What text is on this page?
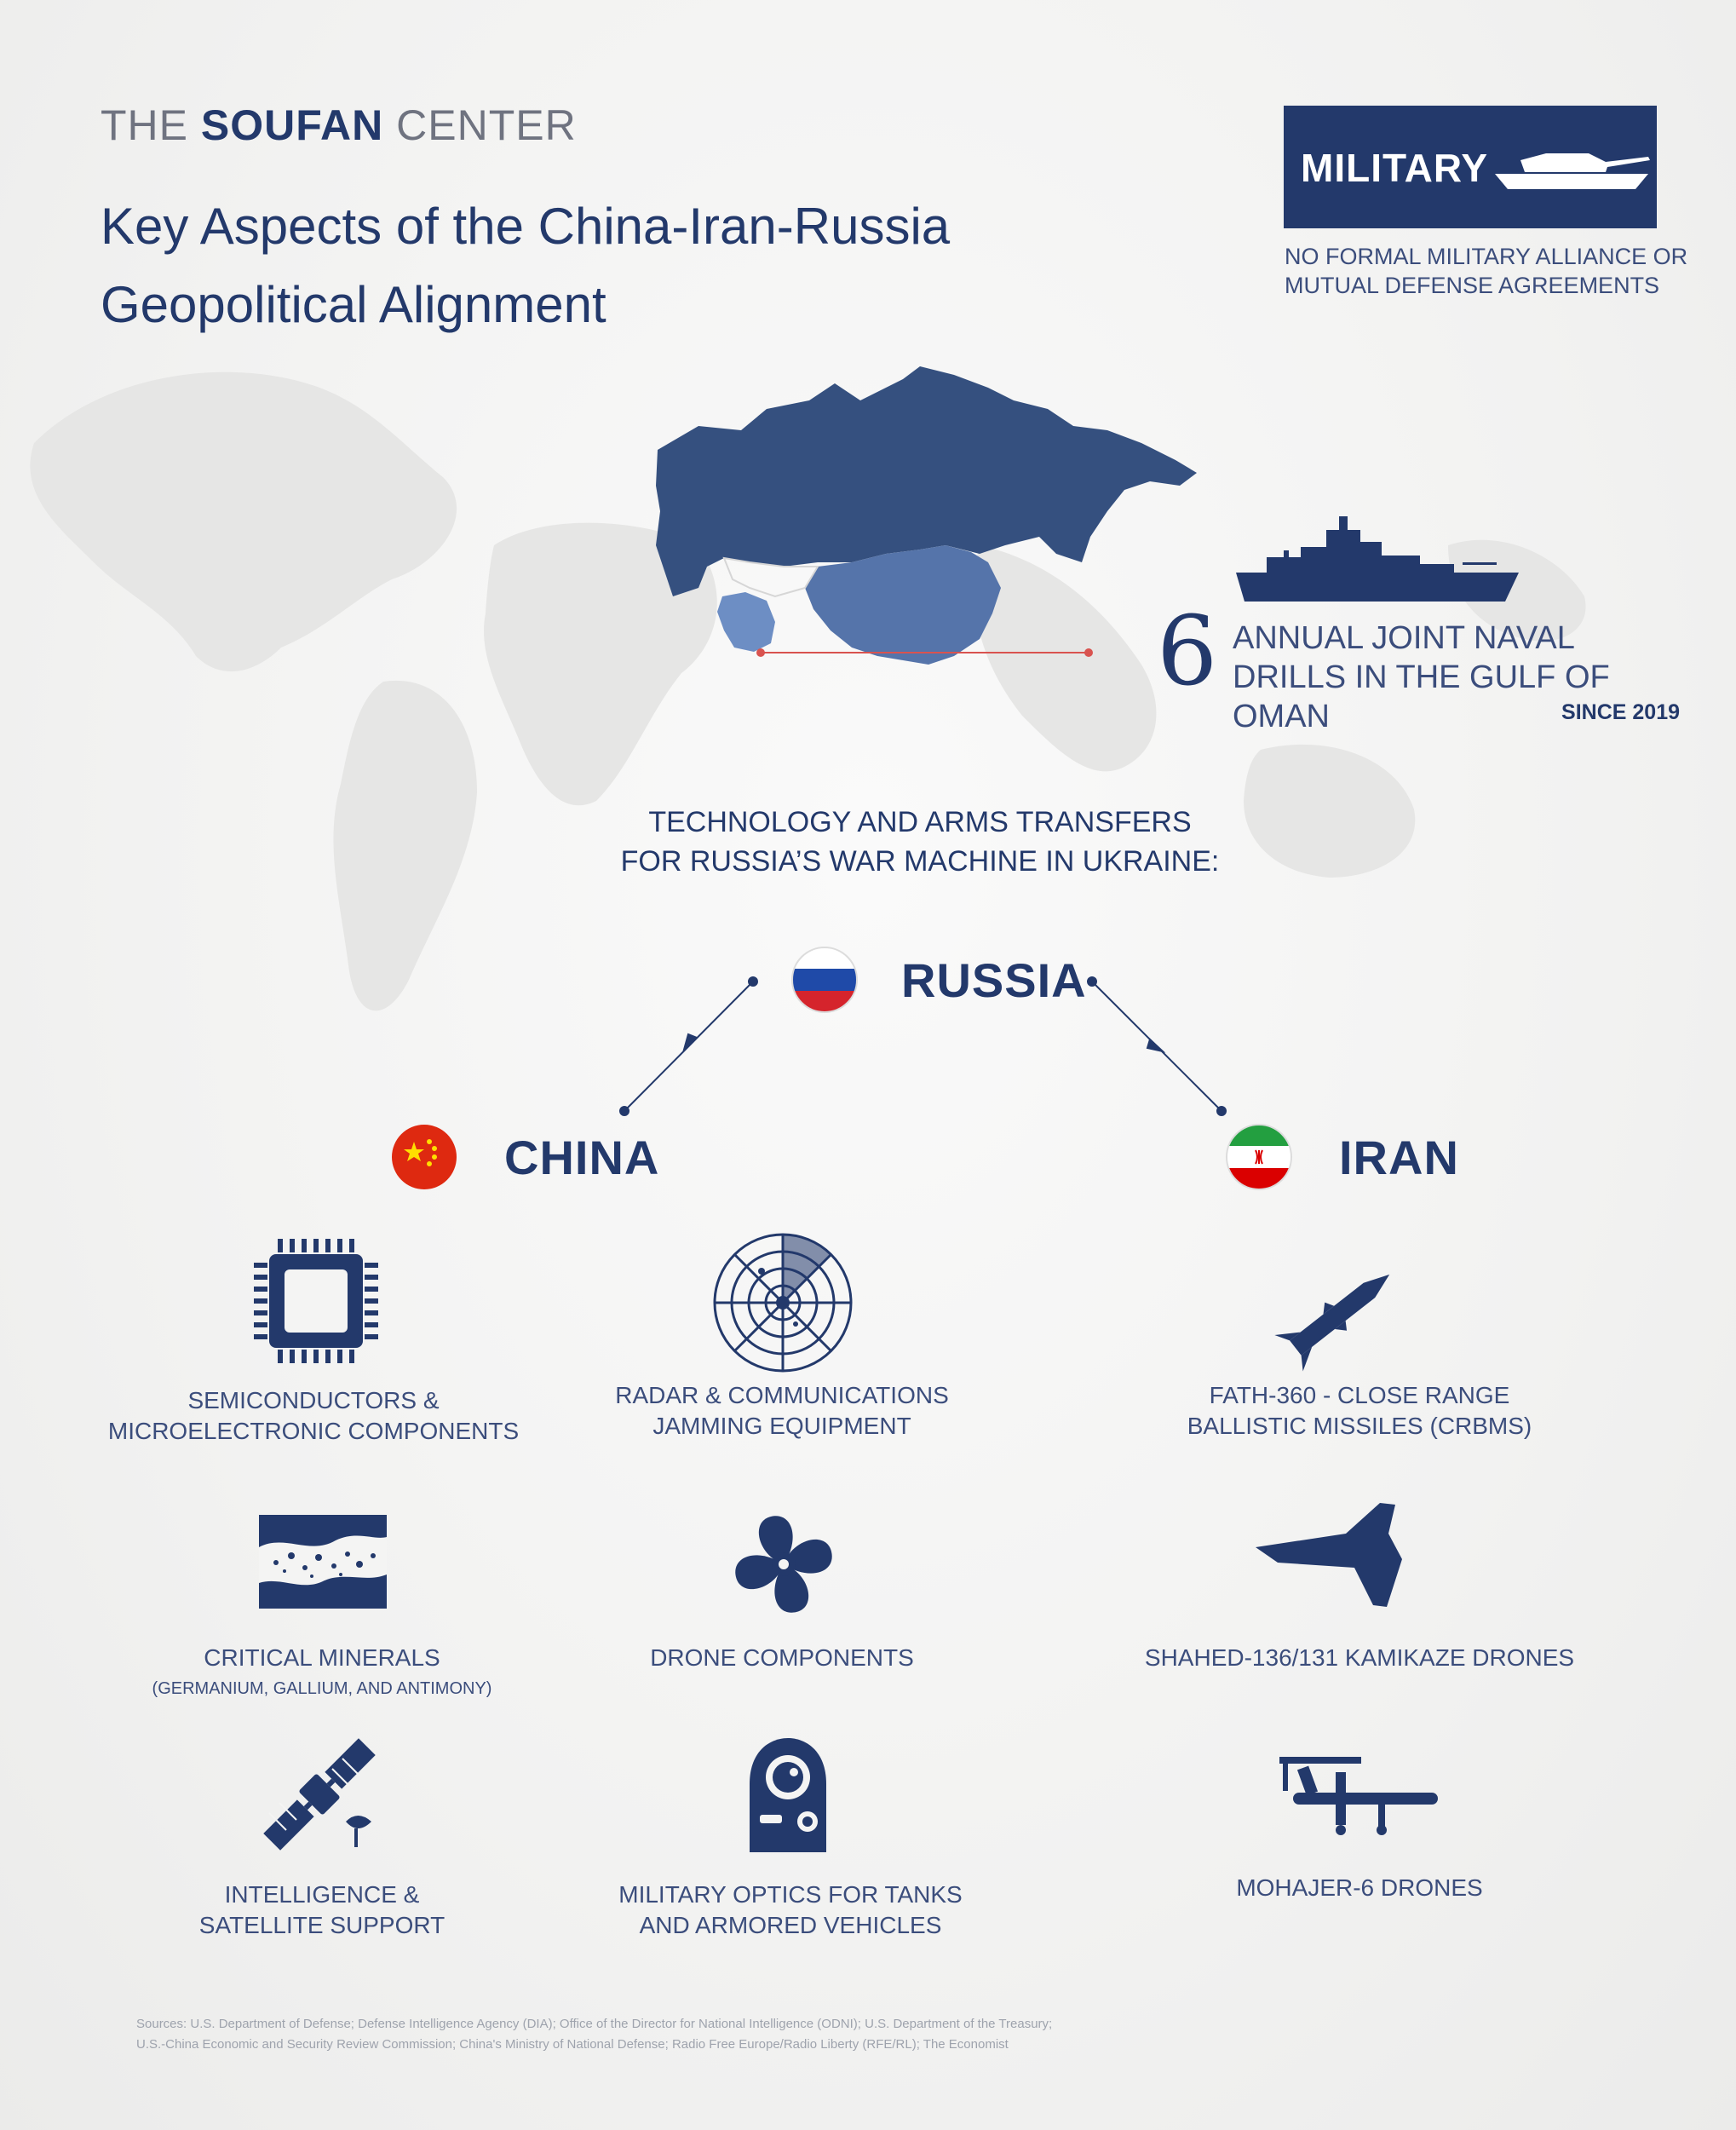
THE SOUFAN CENTER
Key Aspects of the China-Iran-Russia
Geopolitical Alignment
MILITARY
NO FORMAL MILITARY ALLIANCE OR
MUTUAL DEFENSE AGREEMENTS
6 ANNUAL JOINT NAVAL
DRILLS IN THE GULF OF OMAN	SINCE 2019
TECHNOLOGY AND ARMS TRANSFERS
FOR RUSSIA’S WAR MACHINE IN UKRAINE:
RUSSIA
CHINA	IRAN
SEMICONDUCTORS &
MICROELECTRONIC COMPONENTS
CRITICAL MINERALS
(GERMANIUM, GALLIUM, AND ANTIMONY)
INTELLIGENCE &
SATELLITE SUPPORT
RADAR & COMMUNICATIONS
JAMMING EQUIPMENT
DRONE COMPONENTS
MILITARY OPTICS FOR TANKS
AND ARMORED VEHICLES
FATH-360 - CLOSE RANGE
BALLISTIC MISSILES (CRBMS)
SHAHED-136/131 KAMIKAZE DRONES
MOHAJER-6 DRONES
Sources: U.S. Department of Defense; Defense Intelligence Agency (DIA); Office of the Director for National Intelligence (ODNI); U.S. Department of the Treasury;
U.S.-China Economic and Security Review Commission; China's Ministry of National Defense; Radio Free Europe/Radio Liberty (RFE/RL); The Economist
